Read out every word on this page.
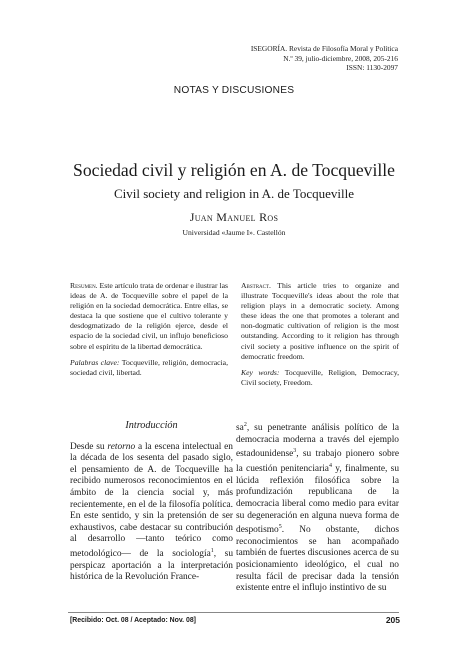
ISEGORÍA. Revista de Filosofía Moral y Política
N.º 39, julio-diciembre, 2008, 205-216
ISSN: 1130-2097
NOTAS Y DISCUSIONES
Sociedad civil y religión en A. de Tocqueville
Civil society and religion in A. de Tocqueville
Juan Manuel Ros
Universidad «Jaume I». Castellón

Resumen. Este artículo trata de ordenar e ilustrar las ideas de A. de Tocqueville sobre el papel de la religión en la sociedad democrática. Entre ellas, se destaca la que sostiene que el cultivo tolerante y desdogmatizado de la religión ejerce, desde el espacio de la sociedad civil, un influjo beneficioso sobre el espíritu de la libertad democrática.

Palabras clave: Tocqueville, religión, democracia, sociedad civil, libertad.

Abstract. This article tries to organize and illustrate Tocqueville's ideas about the role that religion plays in a democratic society. Among these ideas the one that promotes a tolerant and non-dogmatic cultivation of religion is the most outstanding. According to it religion has through civil society a positive influence on the spirit of democratic freedom.

Key words: Tocqueville, Religion, Democracy, Civil society, Freedom.

Introducción

Desde su retorno a la escena intelectual en la década de los sesenta del pasado siglo, el pensamiento de A. de Tocqueville ha recibido numerosos reconocimientos en el ámbito de la ciencia social y, más recientemente, en el de la filosofía política. En este sentido, y sin la pretensión de ser exhaustivos, cabe destacar su contribución al desarrollo —tanto teórico como metodológico— de la sociología$^1$, su perspicaz aportación a la interpretación histórica de la Revolución France-

$sa^2$, su penetrante análisis político de la democracia moderna a través del ejemplo estadounidense$^3$, su trabajo pionero sobre la cuestión penitenciaria$^4$ y, finalmente, su lúcida reflexión filosófica sobre la profundización republicana de la democracia liberal como medio para evitar su degeneración en alguna nueva forma de despotismo$^5$. No obstante, dichos reconocimientos se han acompañado también de fuertes discusiones acerca de su posicionamiento ideológico, el cual no resulta fácil de precisar dada la tensión existente entre el influjo instintivo de su

[Recibido: Oct. 08 / Aceptado: Nov. 08]	205
